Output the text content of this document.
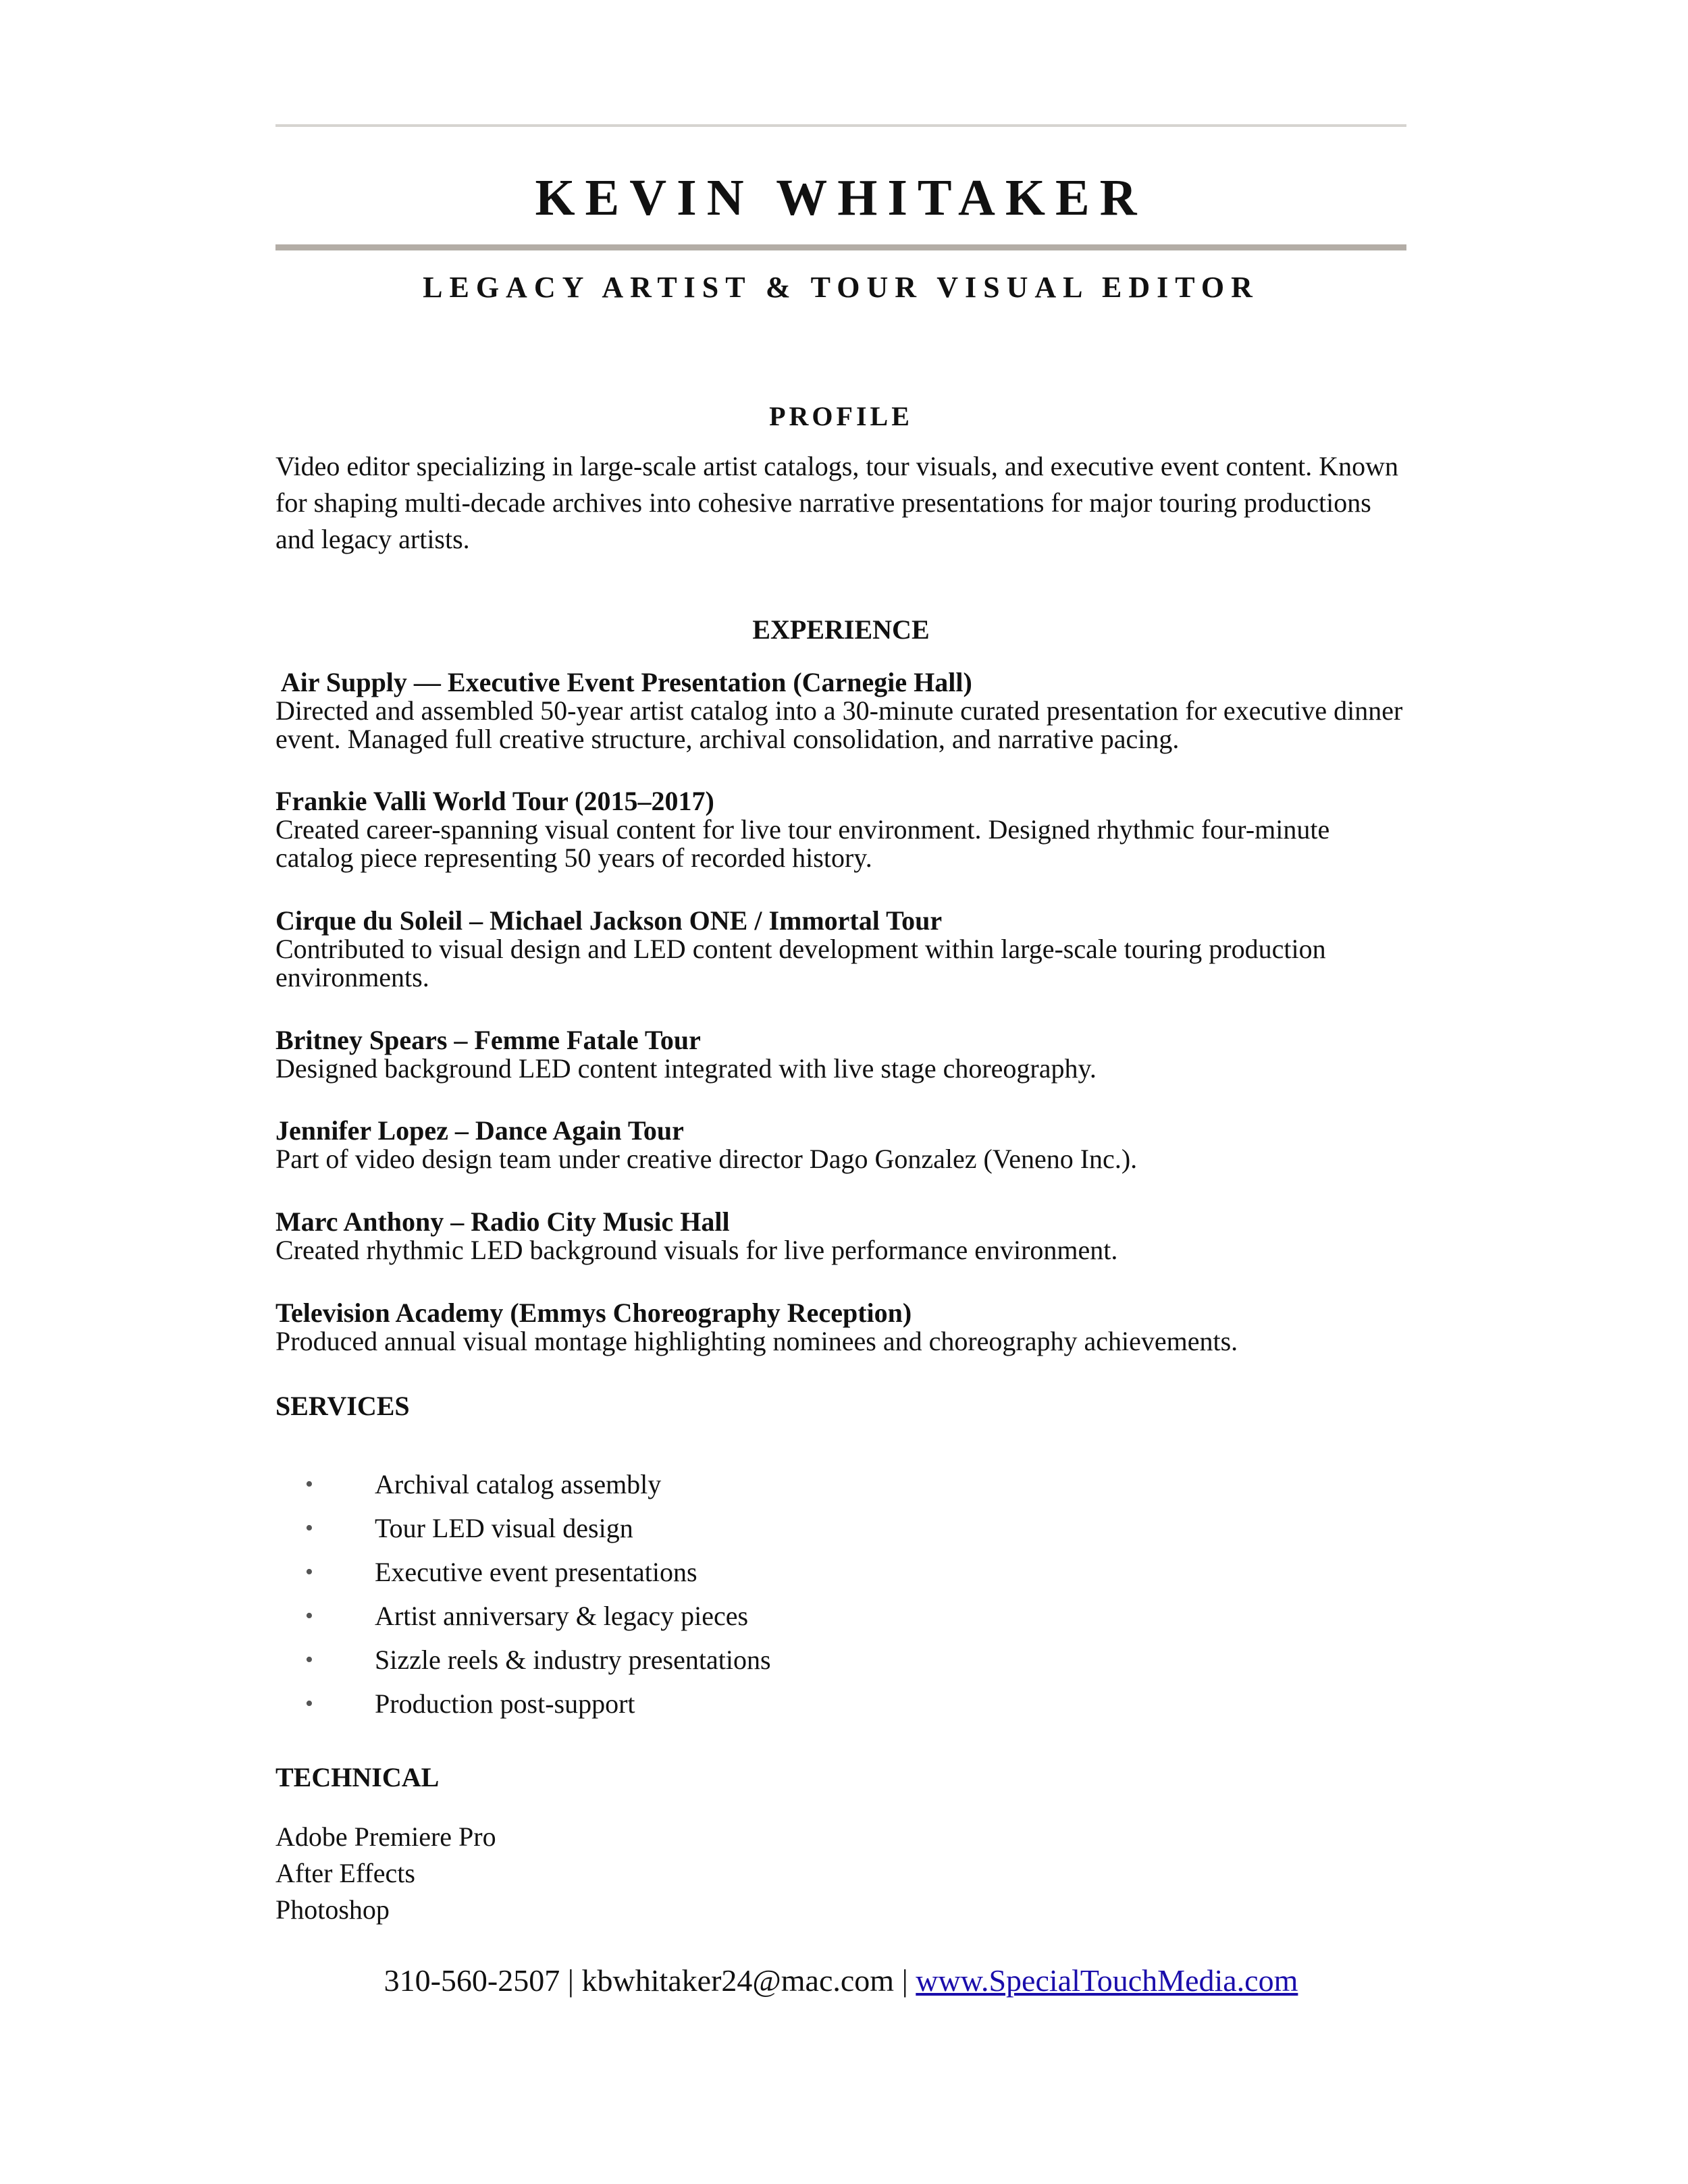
KEVIN WHITAKER
LEGACY ARTIST & TOUR VISUAL EDITOR
PROFILE
Video editor specializing in large-scale artist catalogs, tour visuals, and executive event content. Known for shaping multi-decade archives into cohesive narrative presentations for major touring productions and legacy artists.
EXPERIENCE
Air Supply — Executive Event Presentation (Carnegie Hall)
Directed and assembled 50-year artist catalog into a 30-minute curated presentation for executive dinner event. Managed full creative structure, archival consolidation, and narrative pacing.
Frankie Valli World Tour (2015–2017)
Created career-spanning visual content for live tour environment. Designed rhythmic four-minute catalog piece representing 50 years of recorded history.
Cirque du Soleil – Michael Jackson ONE / Immortal Tour
Contributed to visual design and LED content development within large-scale touring production environments.
Britney Spears – Femme Fatale Tour
Designed background LED content integrated with live stage choreography.
Jennifer Lopez – Dance Again Tour
Part of video design team under creative director Dago Gonzalez (Veneno Inc.).
Marc Anthony – Radio City Music Hall
Created rhythmic LED background visuals for live performance environment.
Television Academy (Emmys Choreography Reception)
Produced annual visual montage highlighting nominees and choreography achievements.
SERVICES
• Archival catalog assembly
• Tour LED visual design
• Executive event presentations
• Artist anniversary & legacy pieces
• Sizzle reels & industry presentations
• Production post-support
TECHNICAL
Adobe Premiere Pro
After Effects
Photoshop
310-560-2507 | kbwhitaker24@mac.com | www.SpecialTouchMedia.com
